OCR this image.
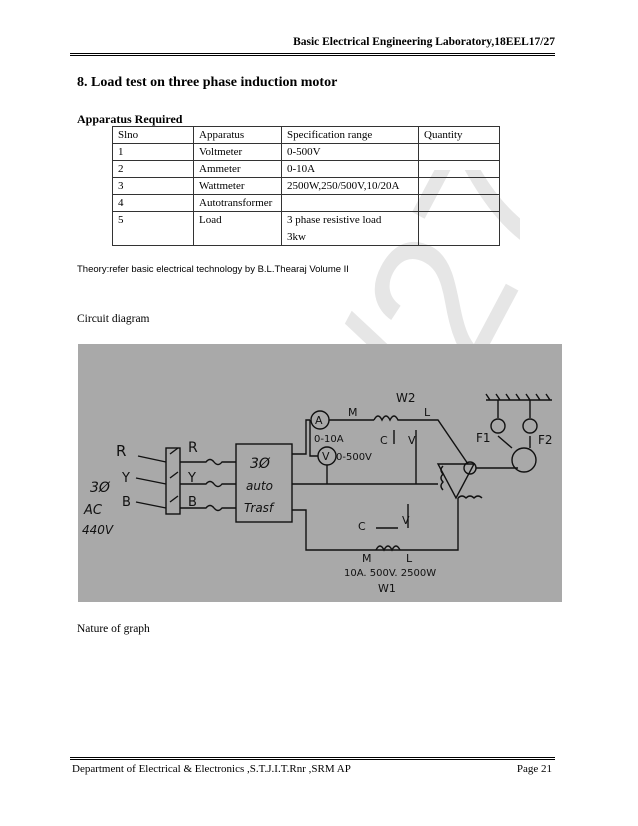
Basic Electrical Engineering Laboratory,18EEL17/27
8. Load test on three phase induction motor
Apparatus Required
Slno	Apparatus	Specification range	Quantity
1	Voltmeter	0-500V	
2	Ammeter	0-10A	
3	Wattmeter	2500W,250/500V,10/20A	
4	Autotransformer		
5	Load	3 phase resistive load
3kw	

Theory:refer basic electrical technology by B.L.Thearaj Volume II
Circuit diagram
R
Y
B
3Ø
AC
440V
R
Y
B
3Ø
auto
Trasf
A
0-10A
V 0-500V
W2
M	L
C V
C	V
M	L
10A. 500V. 2500W
W1
F1	F2
Nature of graph
Department of Electrical & Electronics ,S.T.J.I.T.Rnr ,SRM AP	Page 21
